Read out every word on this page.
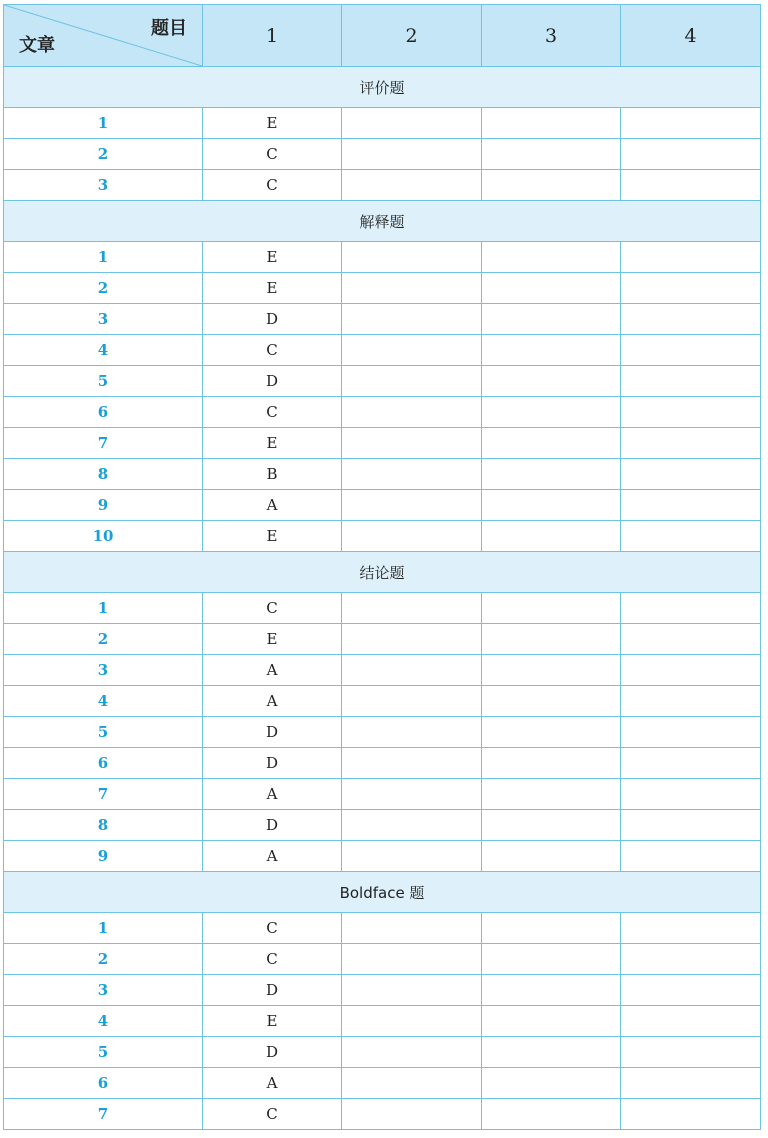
题目
文章	1	2	3	4
评价题				
1	E			
2	C			
3	C			
解释题				
1	E			
2	E			
3	D			
4	C			
5	D			
6	C			
7	E			
8	B			
9	A			
10	E			
结论题				
1	C			
2	E			
3	A			
4	A			
5	D			
6	D			
7	A			
8	D			
9	A			
Boldface 题				
1	C			
2	C			
3	D			
4	E			
5	D			
6	A			
7	C			
